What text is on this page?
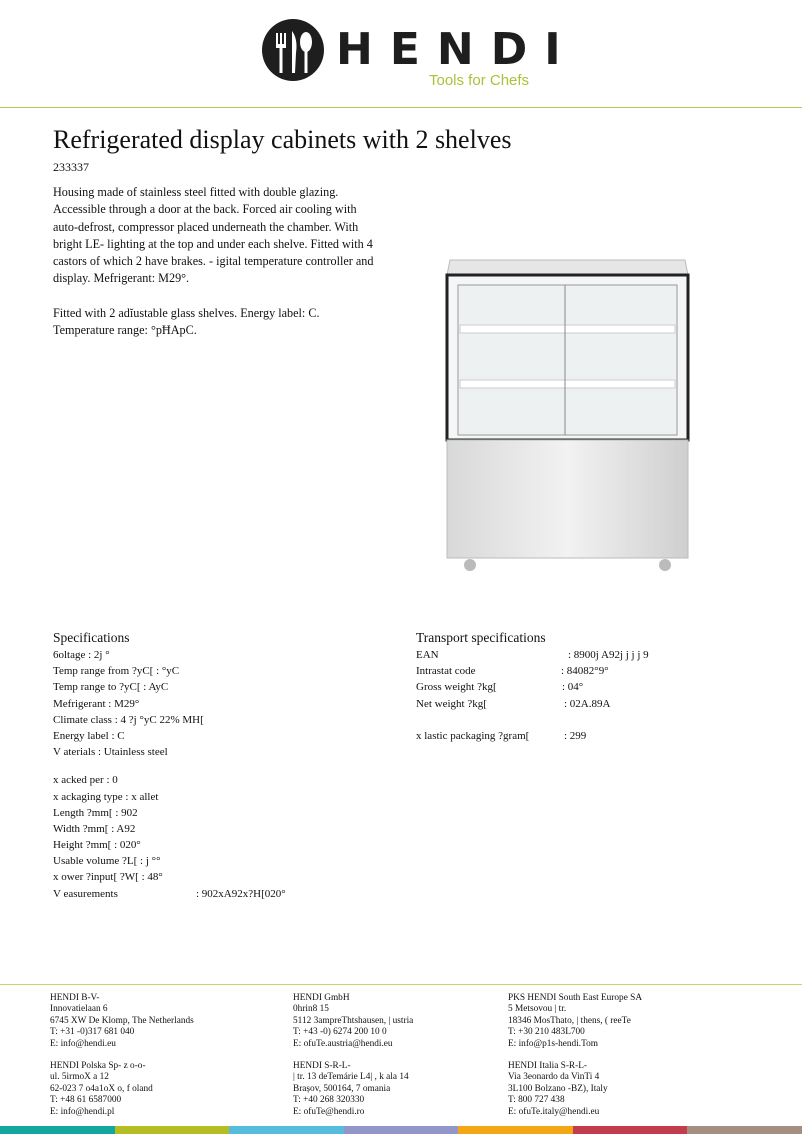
HENDI
Tools for Chefs
Refrigerated display cabinets with 2 shelves
233337

Housing made of stainless steel fitted with double glazing. Accessible through a door at the back. Forced air cooling with auto-defrost, compressor placed underneath the chamber. With bright LE- lighting at the top and under each shelve. Fitted with 4 castors of which 2 have brakes. - igital temperature controller and display. Mefrigerant: M29°.

Fitted with 2 adĭustable glass shelves. Energy label: C. Temperature range: °pĦApC.

Specifications
6oltage : 2j °
Temp range from ?yC[ : °yC
Temp range to ?yC[ : AyC
Mefrigerant : M29°
Climate class : 4 ?j °yC 22% MH[
Energy label : C
V aterials : Utainless steel
x acked per : 0
x ackaging type : x allet
Length ?mm[ : 902
Width ?mm[ : A92
Height ?mm[ : 020°
Usable volume ?L[ : j °°
x ower ?input[ ?W[ : 48°
V easurements	: 902xA92x?H[020°
Transport specifications
EAN	: 8900j A92j j j j 9
Intrastat code	: 84082°9°
Gross weight ?kg[	: 04°
Net weight ?kg[	: 02A.89A
x lastic packaging ?gram[	: 299
HENDI B-V-
Innovatielaan 6
6745 XW De Klomp, The Netherlands
T: +31 -0)317 681 040
E: info@hendi.eu
HENDI Polska Sp- z o-o-
ul. 5irmoX a 12
62-023 7 o4a1oX o, f oland
T: +48 61 6587000
E: info@hendi.pl
HENDI GmbH
0hrin8 15
5112 3ampreThtshausen, | ustria
T: +43 -0) 6274 200 10 0
E: ofuTe.austria@hendi.eu
HENDI S-R-L-
| tr. 13 deTemárie L4| , k ala 14
Brașov, 500164, 7 omania
T: +40 268 320330
E: ofuTe@hendi.ro
PKS HENDI South East Europe SA
5 Metsovou | tr.
18346 MosThato, | thens, ( reeTe
T: +30 210 483L700
E: info@p1s-hendi.Tom
HENDI Italia S-R-L-
Via 3eonardo da VinTi 4
3L100 Bolzano -BZ), Italy
T: 800 727 438
E: ofuTe.italy@hendi.eu
